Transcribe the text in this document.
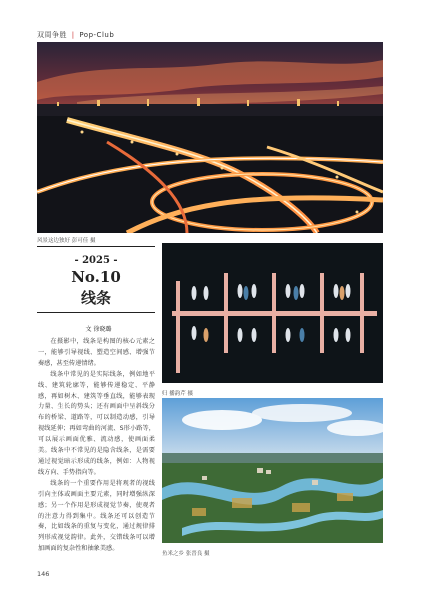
双周争胜 | Pop-Club
风景这边独好 彭可佳 摄
- 2025 -
No.10
线条
文 徐晓璐

在摄影中，线条是构图的核心元素之一，能够引导视线、塑造空间感、增强节奏感，甚至传递情绪。

线条中常见的是实际线条，例如地平线、建筑轮廓等，能够传递稳定、平静感，再如树木、建筑等垂直线，能够表现力量、生长的势头；还有画面中呈斜线分布的桥梁、道路等，可以制造动感，引导视线延伸；再如弯曲的河流、S形小路等，可以展示画面优雅、流动感，使画面柔美。线条中不常见的是隐含线条，是需要通过视觉暗示形成的线条，例如：人物视线方向、手势指向等。

线条的一个重要作用是将观者的视线引向主体或画面主要元素，同时增强纵深感；另一个作用是形成视觉节奏，使观者的注意力得到集中。线条还可以创造节奏，比如线条的重复与变化，通过规律排列形成视觉韵律。此外，交错线条可以增加画面的复杂性和抽象美感。

归 播韵芹 摄
鱼米之乡 张晋良 摄
146
